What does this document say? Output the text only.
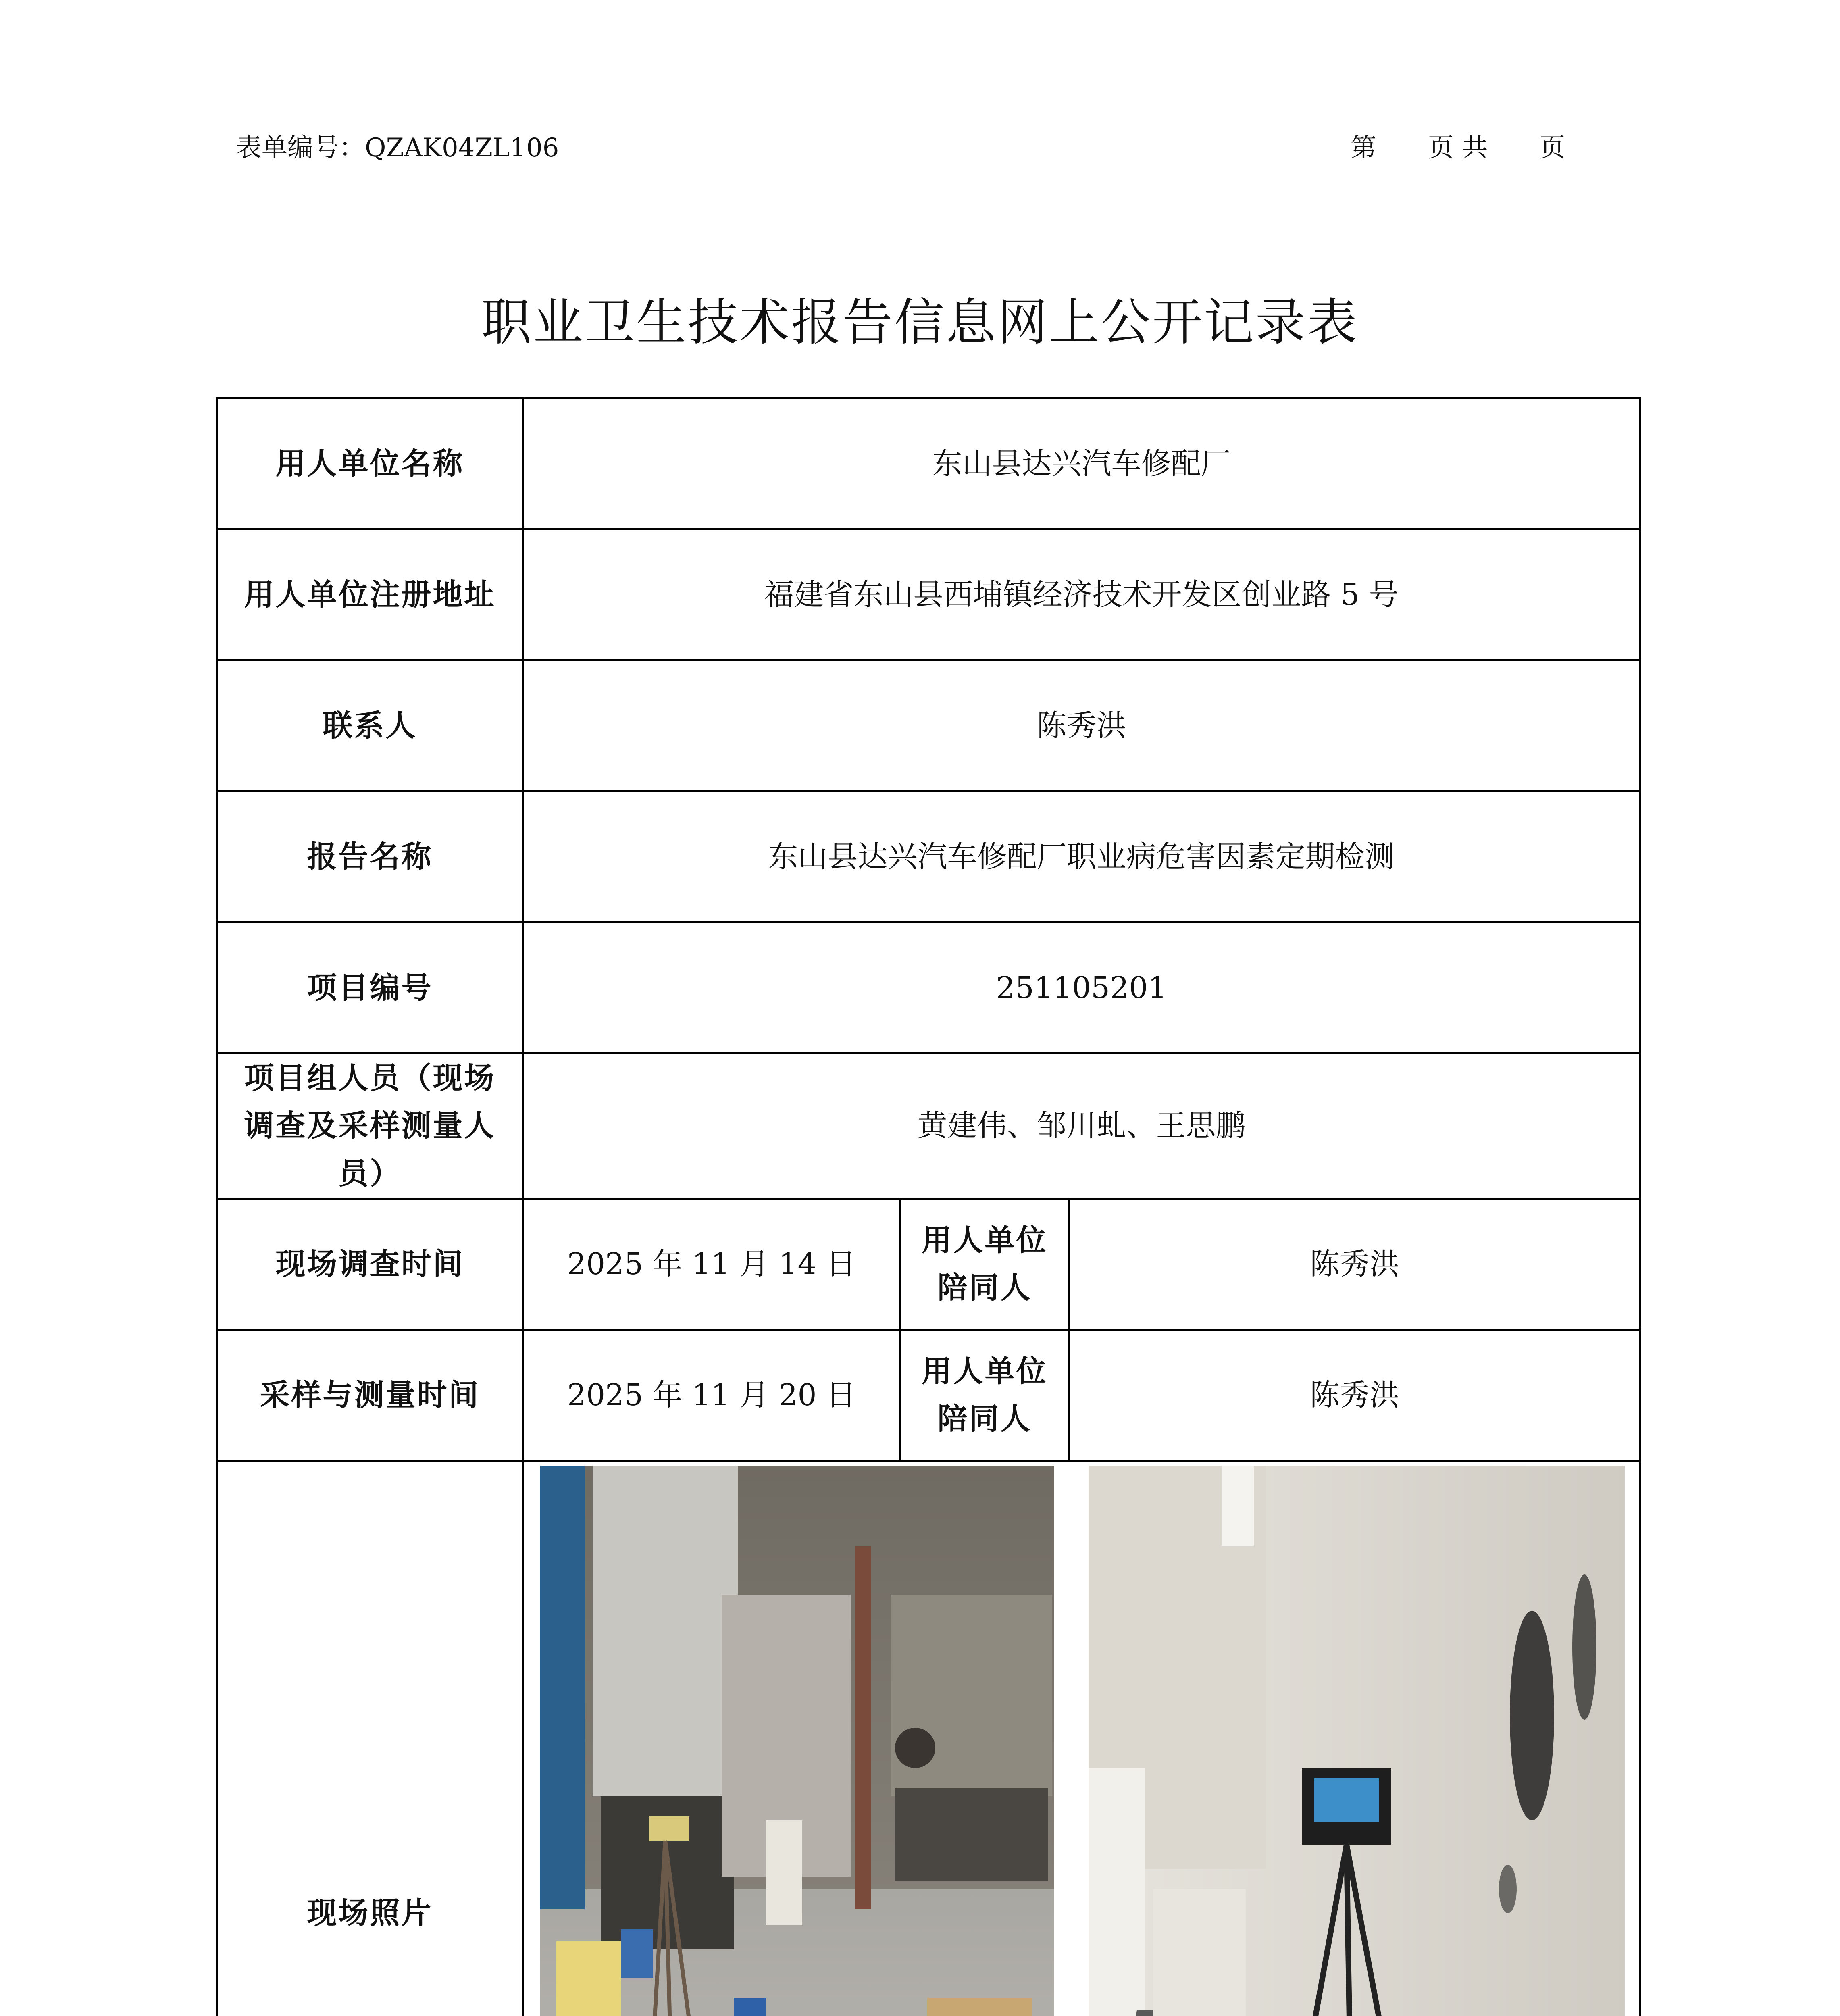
表单编号：QZAK04ZL106	第　　页 共　　页
职业卫生技术报告信息网上公开记录表
用人单位名称	东山县达兴汽车修配厂		
用人单位注册地址	福建省东山县西埔镇经济技术开发区创业路 5 号		
联系人	陈秀洪		
报告名称	东山县达兴汽车修配厂职业病危害因素定期检测		
项目编号	251105201		
项目组人员（现场调查及采样测量人员）	黄建伟、邹川虬、王思鹏		
现场调查时间	2025 年 11 月 14 日	用人单位陪同人	陈秀洪
采样与测量时间	2025 年 11 月 20 日	用人单位陪同人	陈秀洪
现场照片	
